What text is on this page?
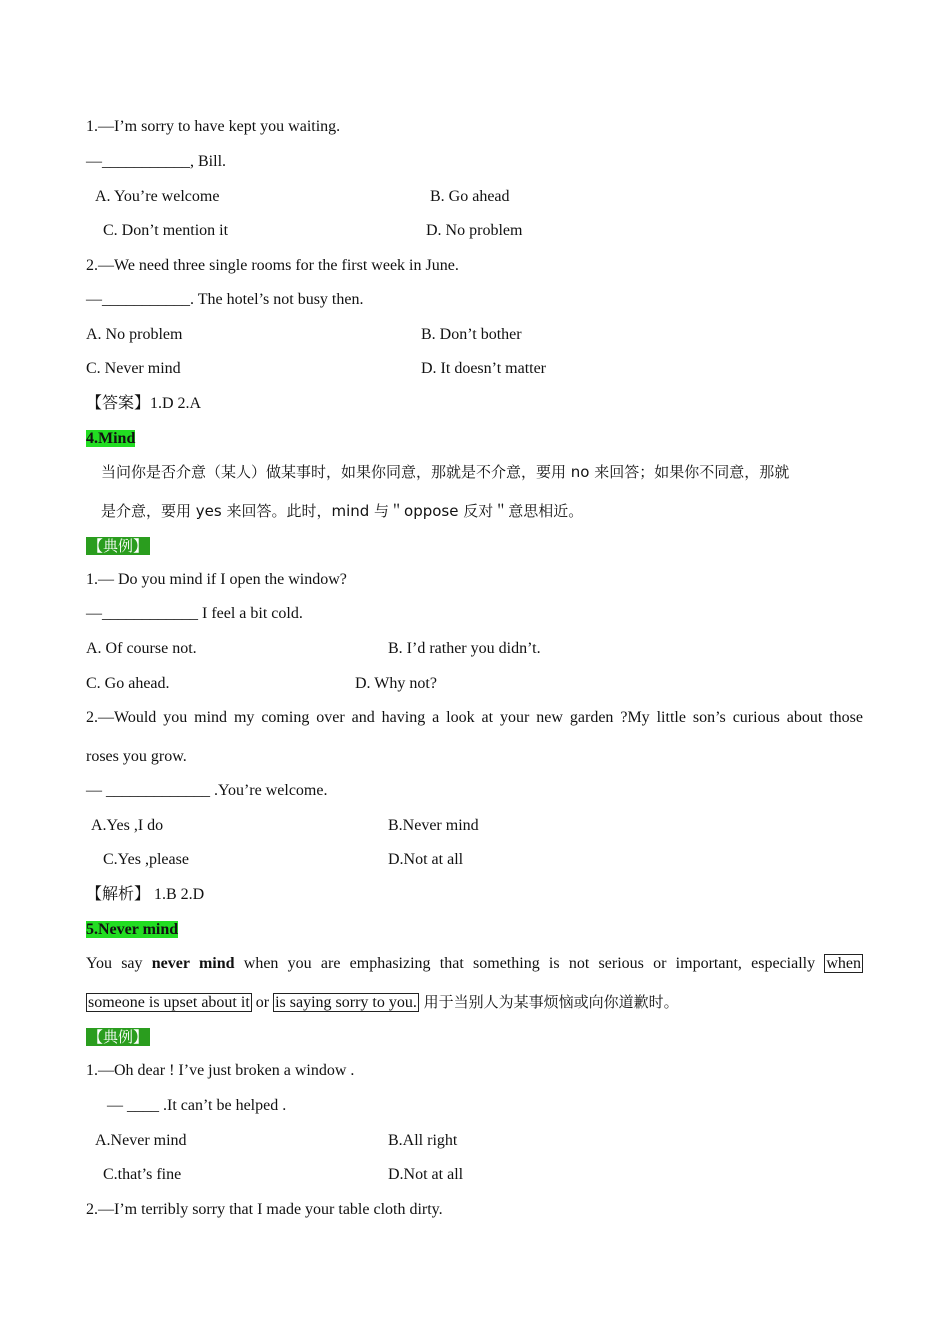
1.—I’m sorry to have kept you waiting.
—___________, Bill.
A. You’re welcome	B. Go ahead
C. Don’t mention it	D. No problem
2.—We need three single rooms for the first week in June.
—___________. The hotel’s not busy then.
A. No problem	B. Don’t bother
C. Never mind	D. It doesn’t matter
【答案】1.D 2.A
4.Mind
当问你是否介意（某人）做某事时，如果你同意，那就是不介意，要用 no 来回答；如果你不同意，那就
是介意，要用 yes 来回答。此时，mind 与＂oppose 反对＂意思相近。
【典例】
1.— Do you mind if I open the window?
—____________ I feel a bit cold.
A. Of course not.	B. I’d rather you didn’t.
C. Go ahead.	D. Why not?
2.—Would you mind my coming over and having a look at your new garden ?My little son’s curious about those
roses you grow.
— _____________ .You’re welcome.
A.Yes ,I do	B.Never mind
C.Yes ,please	D.Not at all
【解析】 1.B 2.D
5.Never mind
You say never mind when you are emphasizing that something is not serious or important, especially when
someone is upset about it or is saying sorry to you. 用于当别人为某事烦恼或向你道歉时。
【典例】
1.—Oh dear ! I’ve just broken a window .
— ____ .It can’t be helped .
A.Never mind	B.All right
C.that’s fine	D.Not at all
2.—I’m terribly sorry that I made your table cloth dirty.
